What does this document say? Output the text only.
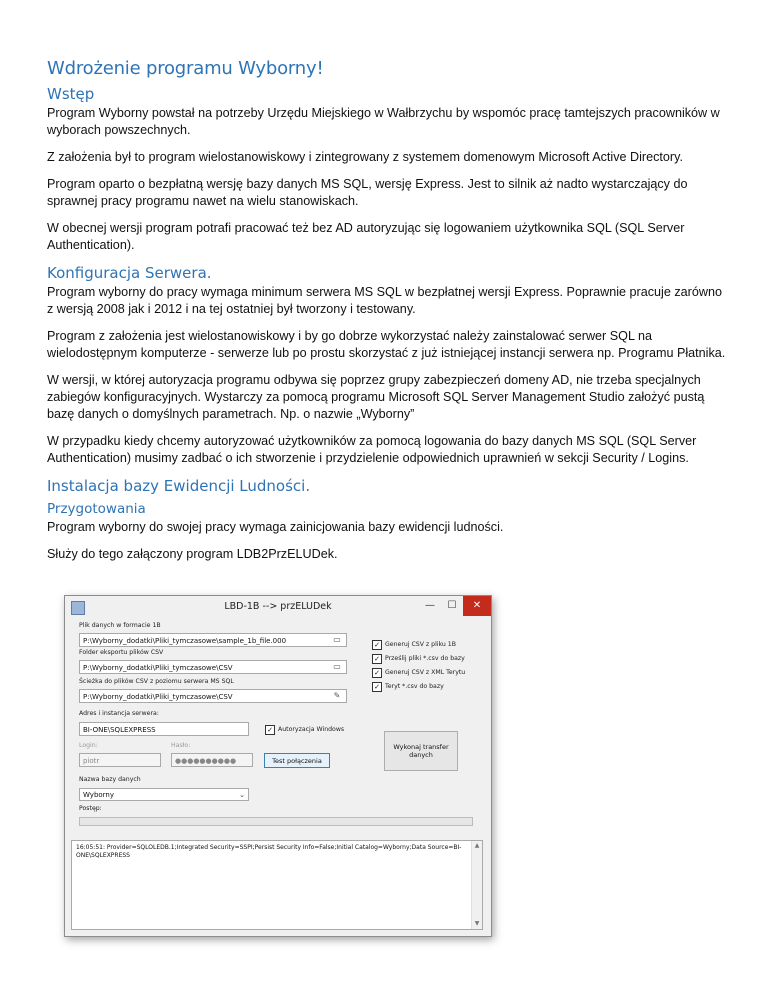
Wdrożenie programu Wyborny!
Wstęp

Program Wyborny powstał na potrzeby Urzędu Miejskiego w Wałbrzychu by wspomóc pracę tamtejszych pracowników w wyborach powszechnych.

Z założenia był to program wielostanowiskowy i zintegrowany z systemem domenowym Microsoft Active Directory.

Program oparto o bezpłatną wersję bazy danych MS SQL, wersję Express. Jest to silnik aż nadto wystarczający do sprawnej pracy programu nawet na wielu stanowiskach.

W obecnej wersji program potrafi pracować też bez AD autoryzując się logowaniem użytkownika SQL (SQL Server Authentication).

Konfiguracja Serwera.

Program wyborny do pracy wymaga minimum serwera MS SQL w bezpłatnej wersji Express. Poprawnie pracuje zarówno z wersją 2008 jak i 2012 i na tej ostatniej był tworzony i testowany.

Program z założenia jest wielostanowiskowy i by go dobrze wykorzystać należy zainstalować serwer SQL na wielodostępnym komputerze - serwerze lub po prostu skorzystać z już istniejącej instancji serwera np. Programu Płatnika.

W wersji, w której autoryzacja programu odbywa się poprzez grupy zabezpieczeń domeny AD, nie trzeba specjalnych zabiegów konfiguracyjnych. Wystarczy za pomocą programu Microsoft SQL Server Management Studio założyć pustą bazę danych o domyślnych parametrach. Np. o nazwie „Wyborny”

W przypadku kiedy chcemy autoryzować użytkowników za pomocą logowania do bazy danych MS SQL (SQL Server Authentication) musimy zadbać o ich stworzenie i przydzielenie odpowiednich uprawnień w sekcji Security / Logins.

Instalacja bazy Ewidencji Ludności.
Przygotowania

Program wyborny do swojej pracy wymaga zainicjowania bazy ewidencji ludności.

Służy do tego załączony program LDB2PrzELUDek.

LBD-1B --> przELUDek	—	☐	✕
Plik danych w formacie 1B
P:\Wyborny_dodatki\Pliki_tymczasowe\sample_1b_file.000	▭
Folder eksportu plików CSV
P:\Wyborny_dodatki\Pliki_tymczasowe\CSV	▭
Ścieżka do plików CSV z poziomu serwera MS SQL
P:\Wyborny_dodatki\Pliki_tymczasowe\CSV	✎
Adres i instancja serwera:
BI-ONE\SQLEXPRESS	✓ Autoryzacja Windows
Login:	Hasło:
piotr	●●●●●●●●●●	Test połączenia
Nazwa bazy danych
Wyborny	⌄
Postęp:
✓ Generuj CSV z pliku 1B
✓ Prześlij pliki *.csv do bazy
✓ Generuj CSV z XML Terytu
✓ Teryt *.csv do bazy
Wykonaj transfer
danych
16:05:51: Provider=SQLOLEDB.1;Integrated Security=SSPI;Persist Security Info=False;Initial Catalog=Wyborny;Data Source=BI-ONE\SQLEXPRESS
▲
▼
